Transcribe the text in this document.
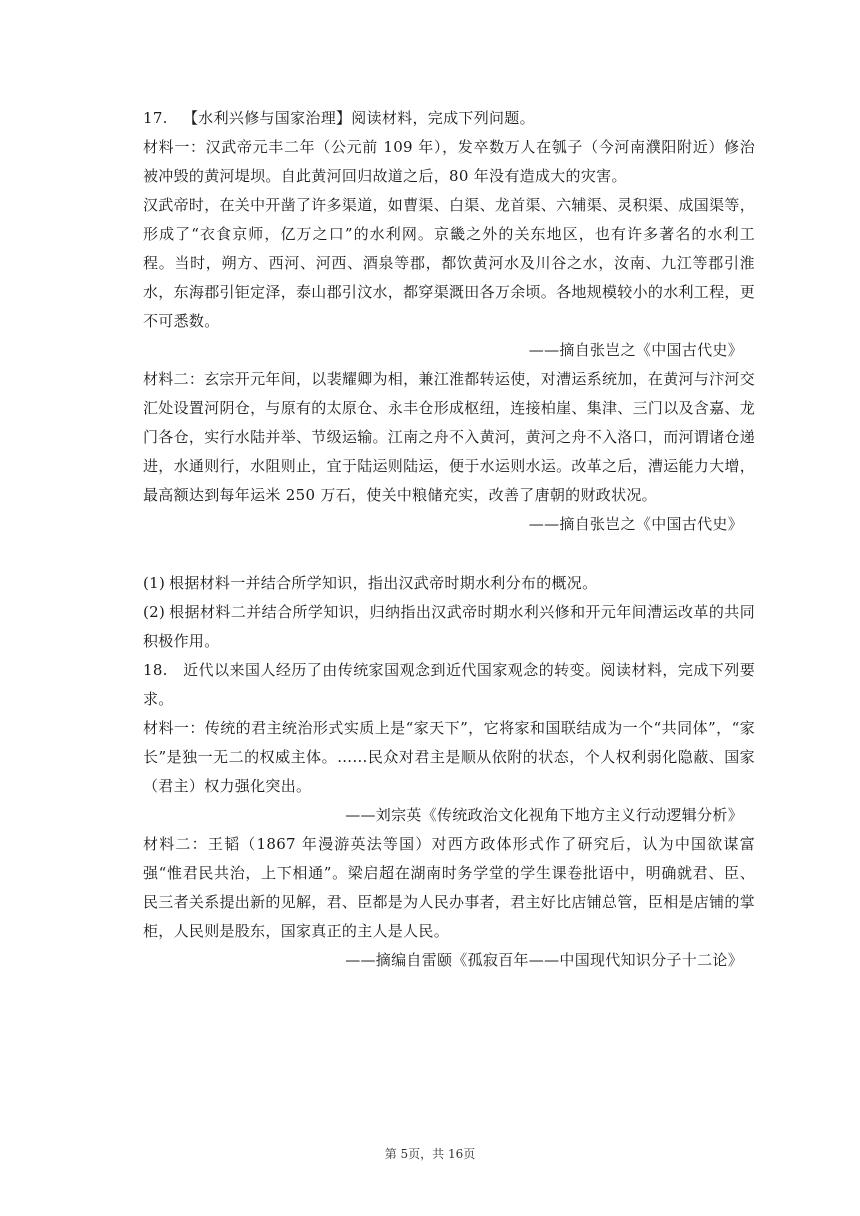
17. 【水利兴修与国家治理】阅读材料，完成下列问题。

材料一：汉武帝元丰二年（公元前 109 年），发卒数万人在瓠子（今河南濮阳附近）修治被冲毁的黄河堤坝。自此黄河回归故道之后，80 年没有造成大的灾害。

汉武帝时，在关中开凿了许多渠道，如曹渠、白渠、龙首渠、六辅渠、灵积渠、成国渠等，形成了“衣食京师，亿万之口”的水利网。京畿之外的关东地区，也有许多著名的水利工程。当时，朔方、西河、河西、酒泉等郡，都饮黄河水及川谷之水，汝南、九江等郡引淮水，东海郡引钜定泽，泰山郡引汶水，都穿渠溉田各万余顷。各地规模较小的水利工程，更不可悉数。

——摘自张岂之《中国古代史》

材料二：玄宗开元年间，以裴耀卿为相，兼江淮都转运使，对漕运系统加，在黄河与汴河交汇处设置河阴仓，与原有的太原仓、永丰仓形成枢纽，连接柏崖、集津、三门以及含嘉、龙门各仓，实行水陆并举、节级运输。江南之舟不入黄河，黄河之舟不入洛口，而河谓诸仓递进，水通则行，水阻则止，宜于陆运则陆运，便于水运则水运。改革之后，漕运能力大增，最高额达到每年运米 250 万石，使关中粮储充实，改善了唐朝的财政状况。

——摘自张岂之《中国古代史》

(1) 根据材料一并结合所学知识，指出汉武帝时期水利分布的概况。

(2) 根据材料二并结合所学知识，归纳指出汉武帝时期水利兴修和开元年间漕运改革的共同积极作用。

18. 近代以来国人经历了由传统家国观念到近代国家观念的转变。阅读材料，完成下列要求。

材料一：传统的君主统治形式实质上是“家天下”，它将家和国联结成为一个“共同体”，“家长”是独一无二的权威主体。……民众对君主是顺从依附的状态，个人权利弱化隐蔽、国家（君主）权力强化突出。

——刘宗英《传统政治文化视角下地方主义行动逻辑分析》

材料二：王韬（1867 年漫游英法等国）对西方政体形式作了研究后，认为中国欲谋富强“惟君民共治，上下相通”。梁启超在湖南时务学堂的学生课卷批语中，明确就君、臣、民三者关系提出新的见解，君、臣都是为人民办事者，君主好比店铺总管，臣相是店铺的掌柜，人民则是股东，国家真正的主人是人民。

——摘编自雷颐《孤寂百年——中国现代知识分子十二论》

第 5页，共 16页
